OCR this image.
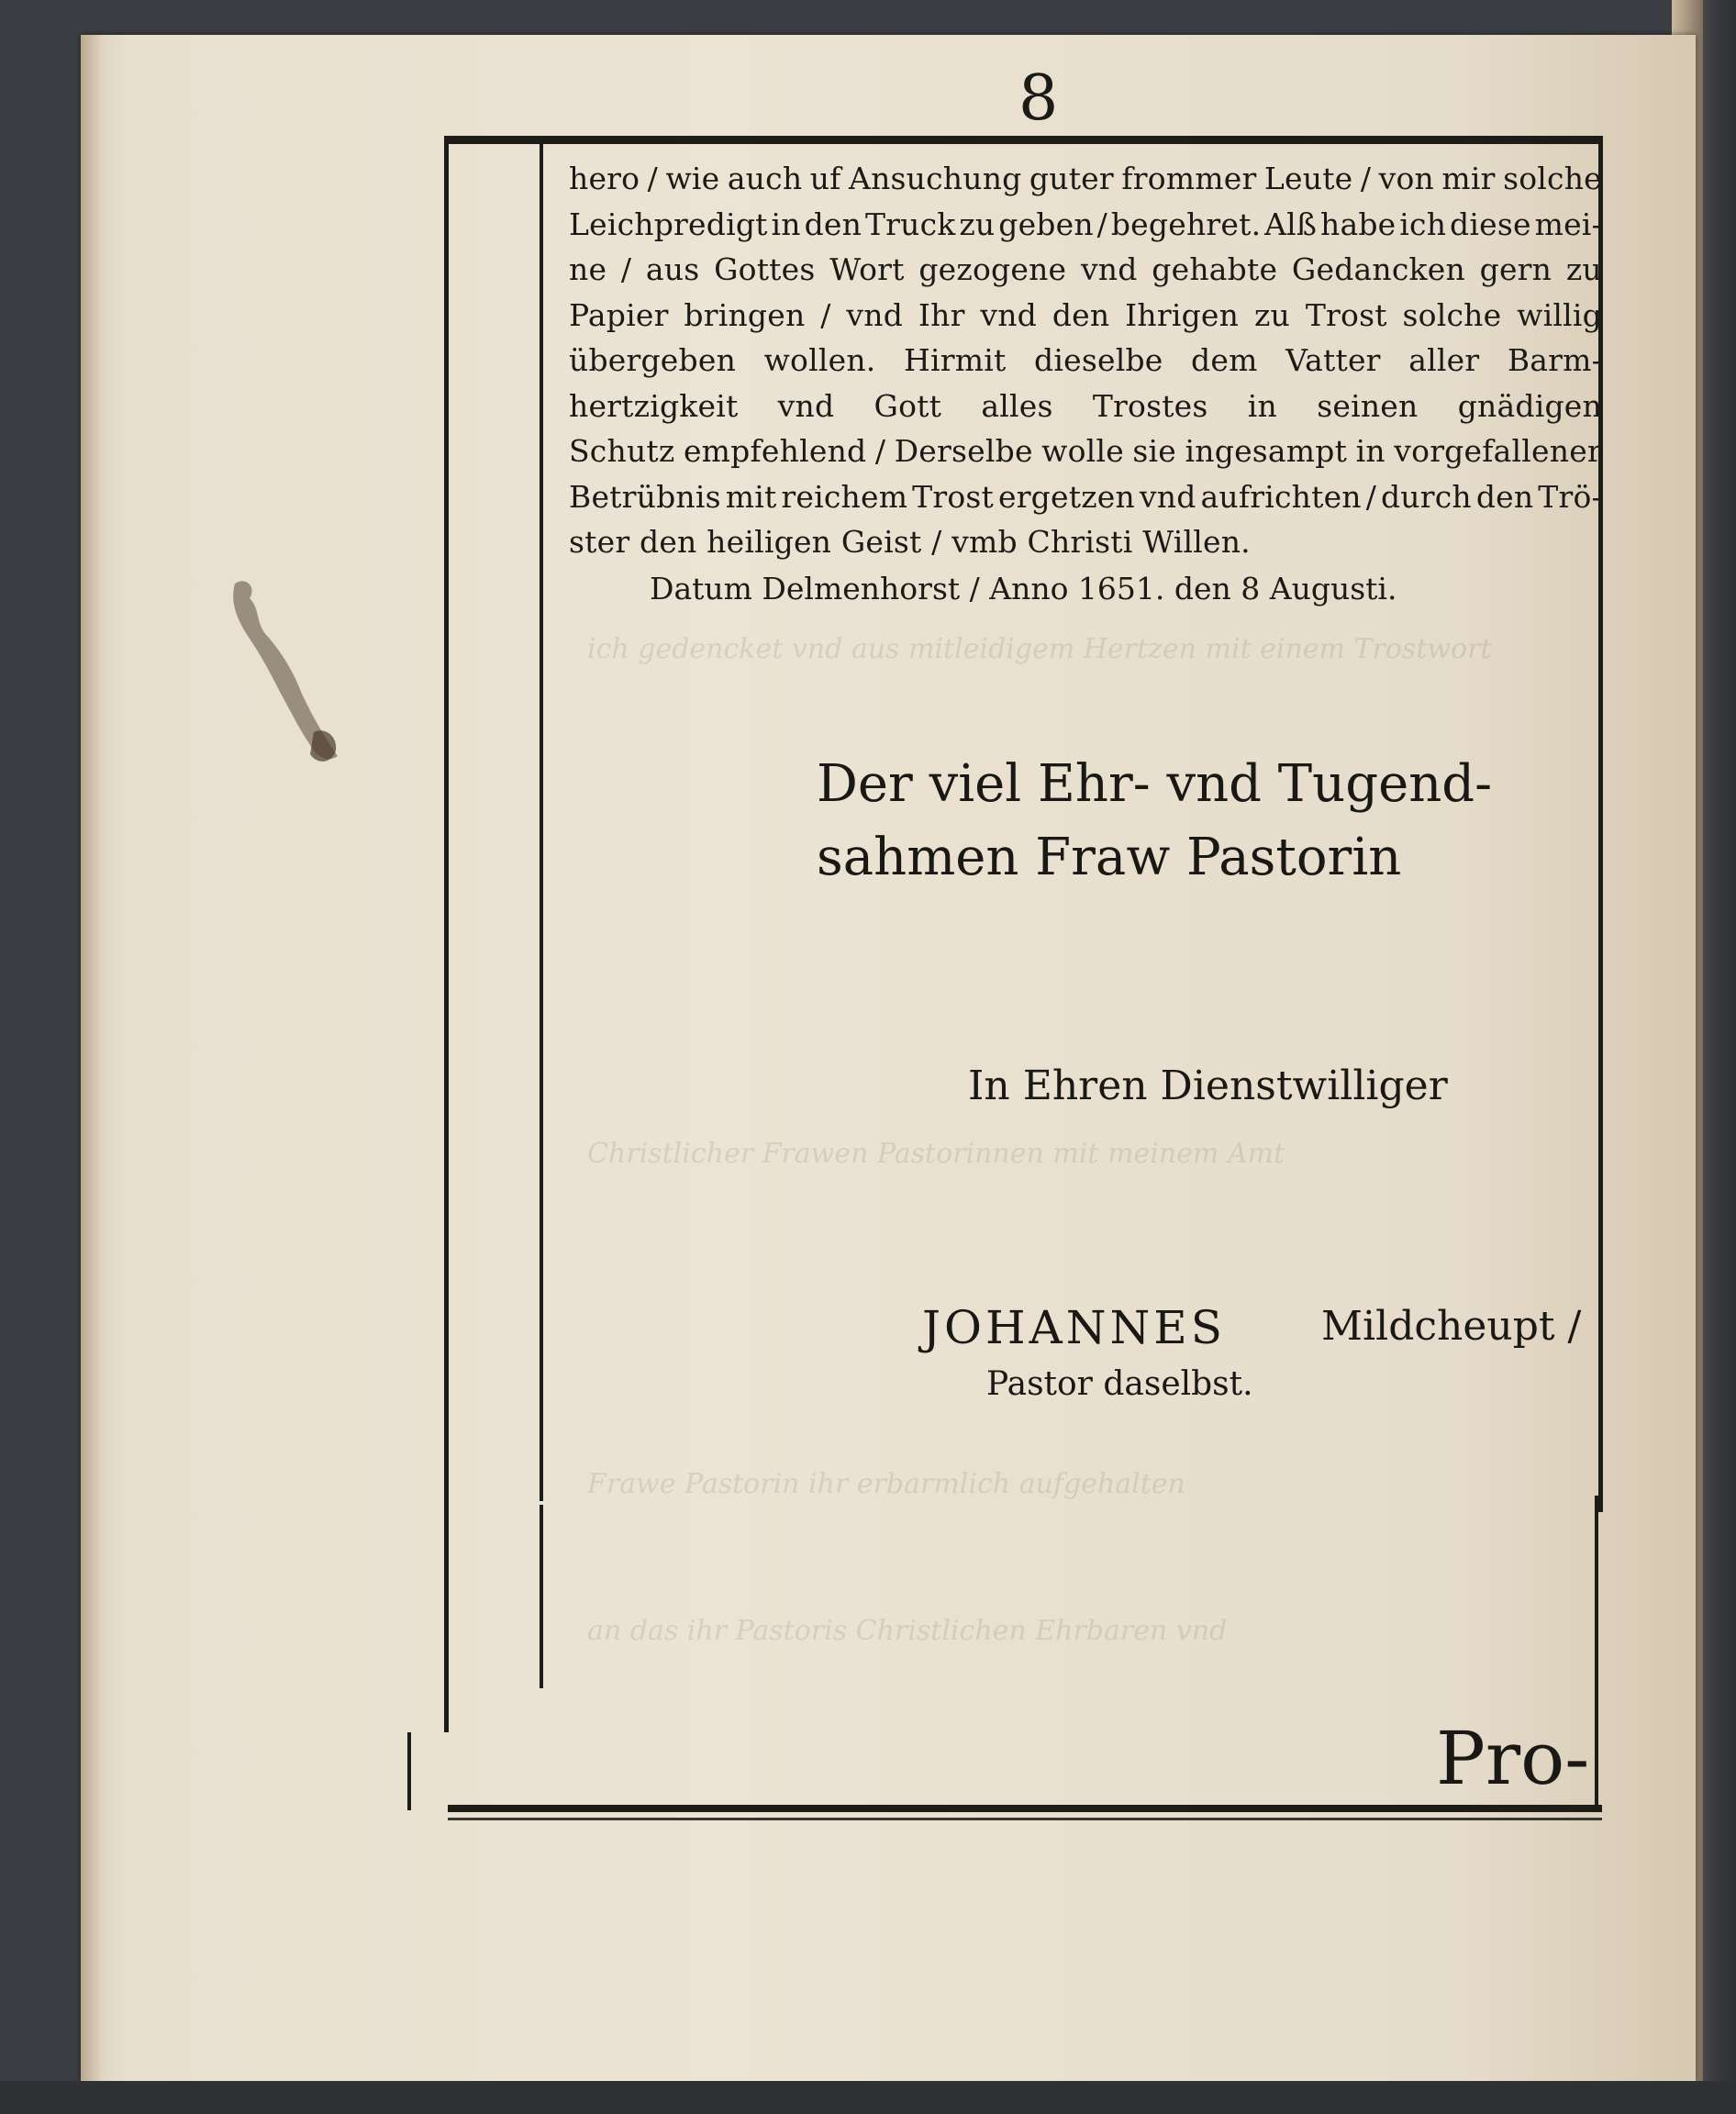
ich gedencket vnd aus mitleidigem Hertzen mit einem Trostwort
Christlicher Frawen Pastorinnen mit meinem Amt
Frawe Pastorin ihr erbarmlich aufgehalten
an das ihr Pastoris Christlichen Ehrbaren vnd
8
hero / wie auch uf Ansuchung guter frommer Leute / von mir solche
Leichpredigt in den Truck zu geben / begehret. Alß habe ich diese mei-
ne / aus Gottes Wort gezogene vnd gehabte Gedancken gern zu
Papier bringen / vnd Ihr vnd den Ihrigen zu Trost solche willig
übergeben wollen. Hirmit dieselbe dem Vatter aller Barm-
hertzigkeit vnd Gott alles Trostes in seinen gnädigen
Schutz empfehlend / Derselbe wolle sie ingesampt in vorgefallener
Betrübnis mit reichem Trost ergetzen vnd aufrichten / durch den Trö-
ster den heiligen Geist / vmb Christi Willen.
Datum Delmenhorst / Anno 1651. den 8 Augusti.
Der viel Ehr- vnd Tugend-
sahmen Fraw Pastorin
In Ehren Dienstwilliger
JOHANNES Mildcheupt /
Pastor daselbst.
Pro-
